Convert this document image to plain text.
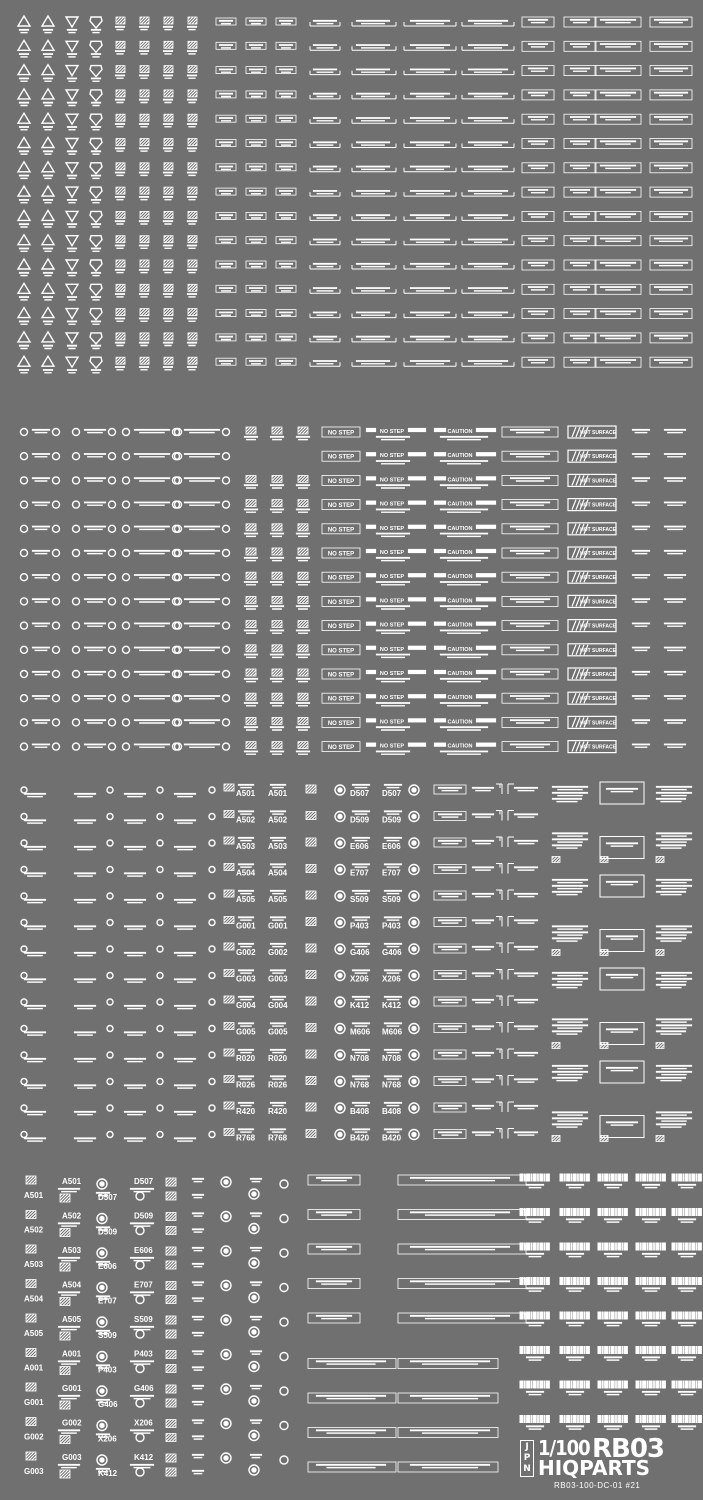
NO STEP	NO STEP	CAUTION	HOT SURFACE
NO STEP	NO STEP	CAUTION	HOT SURFACE
NO STEP	NO STEP	CAUTION	HOT SURFACE
NO STEP	NO STEP	CAUTION	HOT SURFACE
NO STEP	NO STEP	CAUTION	HOT SURFACE
NO STEP	NO STEP	CAUTION	HOT SURFACE
NO STEP	NO STEP	CAUTION	HOT SURFACE
NO STEP	NO STEP	CAUTION	HOT SURFACE
NO STEP	NO STEP	CAUTION	HOT SURFACE
NO STEP	NO STEP	CAUTION	HOT SURFACE
NO STEP	NO STEP	CAUTION	HOT SURFACE
NO STEP	NO STEP	CAUTION	HOT SURFACE
NO STEP	NO STEP	CAUTION	HOT SURFACE
NO STEP	NO STEP	CAUTION	HOT SURFACE
A501 A501	D507 D507
A502 A502	D509 D509
A503 A503	E606 E606
A504 A504	E707 E707
A505 A505	S509 S509
G001 G001	P403 P403
G002 G002	G406 G406
G003 G003	X206 X206
G004 G004	K412 K412
G005 G005	M606 M606
R020 R020	N708 N708
R026 R026	N768 N768
R420 R420	B408 B408
R768 R768	B420 B420
A501
A501
D507
D507
A502
A502
D509
D509
A503
A503
E606
E606
A504
A504
E707
E707
A505
A505
S509
S509
A001
A001
P403
P403
G001
G001
G406
G406
G002
G002
X206
X206
G003
G003
K412
K412
J
P
N
1/100 RB03
HIQPARTS
RB03-100-DC-01 #21
